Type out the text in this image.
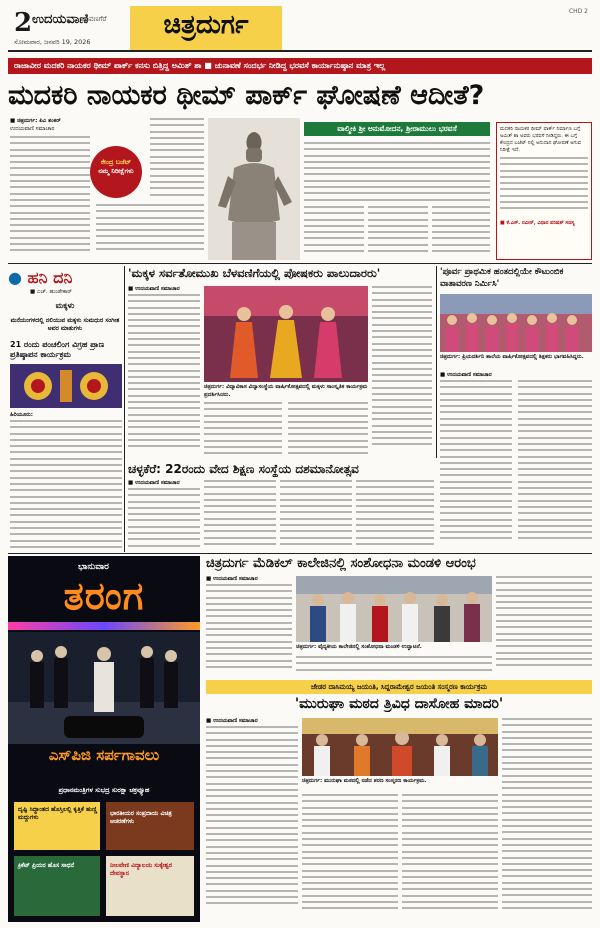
2 ಉದಯವಾಣಿ
ದಾವಣಗೆರೆ
ಸೋಮವಾರ, ಜನವರಿ 19, 2026
ಚಿತ್ರದುರ್ಗ	CHD 2
ರಾಜಾವೀರ ಮದಕರಿ ನಾಯಕರ ಥೀಮ್ ಪಾರ್ಕ್ ಕನಸು ಬಿತ್ತಿದ್ದ ಅಮಿತ್ ಶಾ ■ ಚುನಾವಣೆ ಸಂದರ್ಭ ನೀಡಿದ್ದ ಭರವಸೆ ಕಾರ್ಯಾನುಷ್ಠಾನ ಮಾತ್ರ ಇಲ್ಲ
ಮದಕರಿ ನಾಯಕರ ಥೀಮ್ ಪಾರ್ಕ್ ಘೋಷಣೆ ಆದೀತೆ?
■ ಚಿತ್ರದುರ್ಗ: ಪಿಎ ಶಂಕರ್
ಉದಯವಾಣಿ ಸಮಾಚಾರ
ಕೇಂದ್ರ ಬಜೆಟ್
ನಮ್ಮ ನಿರೀಕ್ಷೆಗಳು
ವಾಲ್ಮೀಕಿ ಶ್ರೀ ಅನುಮೋದನ, ಶ್ರೀರಾಮುಲು ಭರವಸೆ	ಮದಕರಿ ನಾಯಕರ ಥೀಮ್ ಪಾರ್ಕ್ ನಿರ್ಮಾಣ ಬಗ್ಗೆ ಅಮಿತ್ ಶಾ ಅವರು ಭರವಸೆ ನೀಡಿದ್ದರು. ಈ ಬಗ್ಗೆ ಕೇಂದ್ರದ ಬಜೆಟ್ ನಲ್ಲಿ ಅನುದಾನ ಘೋಷಣೆ ಆಗುವ ನಿರೀಕ್ಷೆ ಇದೆ.
■ ಕೆ.ಎಸ್. ನವೀನ್, ವಿಧಾನ ಪರಿಷತ್ ಸದಸ್ಯ
● ಹನಿ ದನಿ
■ ಎಚ್. ಹುಂಡೇಕಾರ್
ಮಕ್ಕಳು
ಮನೆಯಂಗಳದಲ್ಲಿ ನಲಿಯುವ ಮಕ್ಕಳು ಸುಮಧುರ ಸಂಗೀತ ಅವರ ಮಾತುಗಳು
21 ರಂದು ಪಂಚಲಿಂಗ ವಿಗ್ರಹ ಪ್ರಾಣ ಪ್ರತಿಷ್ಠಾಪನ ಕಾರ್ಯಕ್ರಮ
ಹಿರಿಯೂರು:
'ಮಕ್ಕಳ ಸರ್ವತೋಮುಖ ಬೆಳವಣಿಗೆಯಲ್ಲಿ ಪೋಷಕರು ಪಾಲುದಾರರು'
■ ಉದಯವಾಣಿ ಸಮಾಚಾರ
ಚಿತ್ರದುರ್ಗ: ವಿದ್ಯಾವಿಕಾಸ ವಿದ್ಯಾಸಂಸ್ಥೆಯ ವಾರ್ಷಿಕೋತ್ಸವದಲ್ಲಿ ಮಕ್ಕಳು ಸಾಂಸ್ಕೃತಿಕ ಕಾರ್ಯಕ್ರಮ ಪ್ರದರ್ಶಿಸಿದರು.
'ಪೂರ್ವ ಪ್ರಾಥಮಿಕ ಹಂತದಲ್ಲಿಯೇ ಕೌಟುಂಬಿಕ ವಾತಾವರಣ ನಿರ್ಮಿಸಿ'
ಚಿತ್ರದುರ್ಗ: ಪ್ರಿಯದರ್ಶಿನಿ ಶಾಲೆಯ ವಾರ್ಷಿಕೋತ್ಸವದಲ್ಲಿ ಶಿಕ್ಷಕರು ಭಾಗವಹಿಸಿದ್ದರು.
■ ಉದಯವಾಣಿ ಸಮಾಚಾರ
ಚಳ್ಳಕೆರೆ: 22ರಂದು ವೇದ ಶಿಕ್ಷಣ ಸಂಸ್ಥೆಯ ದಶಮಾನೋತ್ಸವ
■ ಉದಯವಾಣಿ ಸಮಾಚಾರ
ಭಾನುವಾರ
ತರಂಗ
ಎಸ್‌ಪಿಜಿ ಸರ್ಪಗಾವಲು
ಪ್ರಧಾನಮಂತ್ರಿಗಳ ಸುಭದ್ರ ಸುರಕ್ಷಾ ಚಕ್ರವ್ಯೂಹ
ದೃಷ್ಟಿ ಸಿದ್ಧಾಂತದ ಹೊಸ್ತಿಲಲ್ಲಿ ಕೃತ್ತಿಕೆ ಹುಣ್ಣಿ ಮದ್ದುಗಳು
ಭಾರತೀಯರ ಸಂಪ್ರದಾಯ ವಿಚಿತ್ರ ಆಚರಣೆಗಳು
ಕ್ರಿಕೆಟ್ ಪ್ರಿಯರ ಹೊಸ ಸಾಧನೆ	ನೀಲವೇಣಿ ವಿದ್ಯಾಲಯ ಸುಕ್ಕೇಶ್ವರ ದೇವಸ್ಥಾನ
ಚಿತ್ರದುರ್ಗ ಮೆಡಿಕಲ್ ಕಾಲೇಜಿನಲ್ಲಿ ಸಂಶೋಧನಾ ಮಂಡಳಿ ಆರಂಭ
■ ಉದಯವಾಣಿ ಸಮಾಚಾರ
ಚಿತ್ರದುರ್ಗ: ವೈದ್ಯಕೀಯ ಕಾಲೇಜಿನಲ್ಲಿ ಸಂಶೋಧನಾ ಮಂಡಳಿ ಉದ್ಘಾಟನೆ.
ಜೇಡರ ದಾಸಿಮಯ್ಯ ಜಯಂತಿ, ಸಿದ್ದರಾಮೇಶ್ವರ ಜಯಂತಿ ಸಂಸ್ಮರಣ ಕಾರ್ಯಕ್ರಮ
'ಮುರುಘಾ ಮಠದ ತ್ರಿವಿಧ ದಾಸೋಹ ಮಾದರಿ'
■ ಉದಯವಾಣಿ ಸಮಾಚಾರ
ಚಿತ್ರದುರ್ಗ: ಮುರುಘಾ ಮಠದಲ್ಲಿ ನಡೆದ ಶರಣ ಸಂಸ್ಮರಣ ಕಾರ್ಯಕ್ರಮ.
